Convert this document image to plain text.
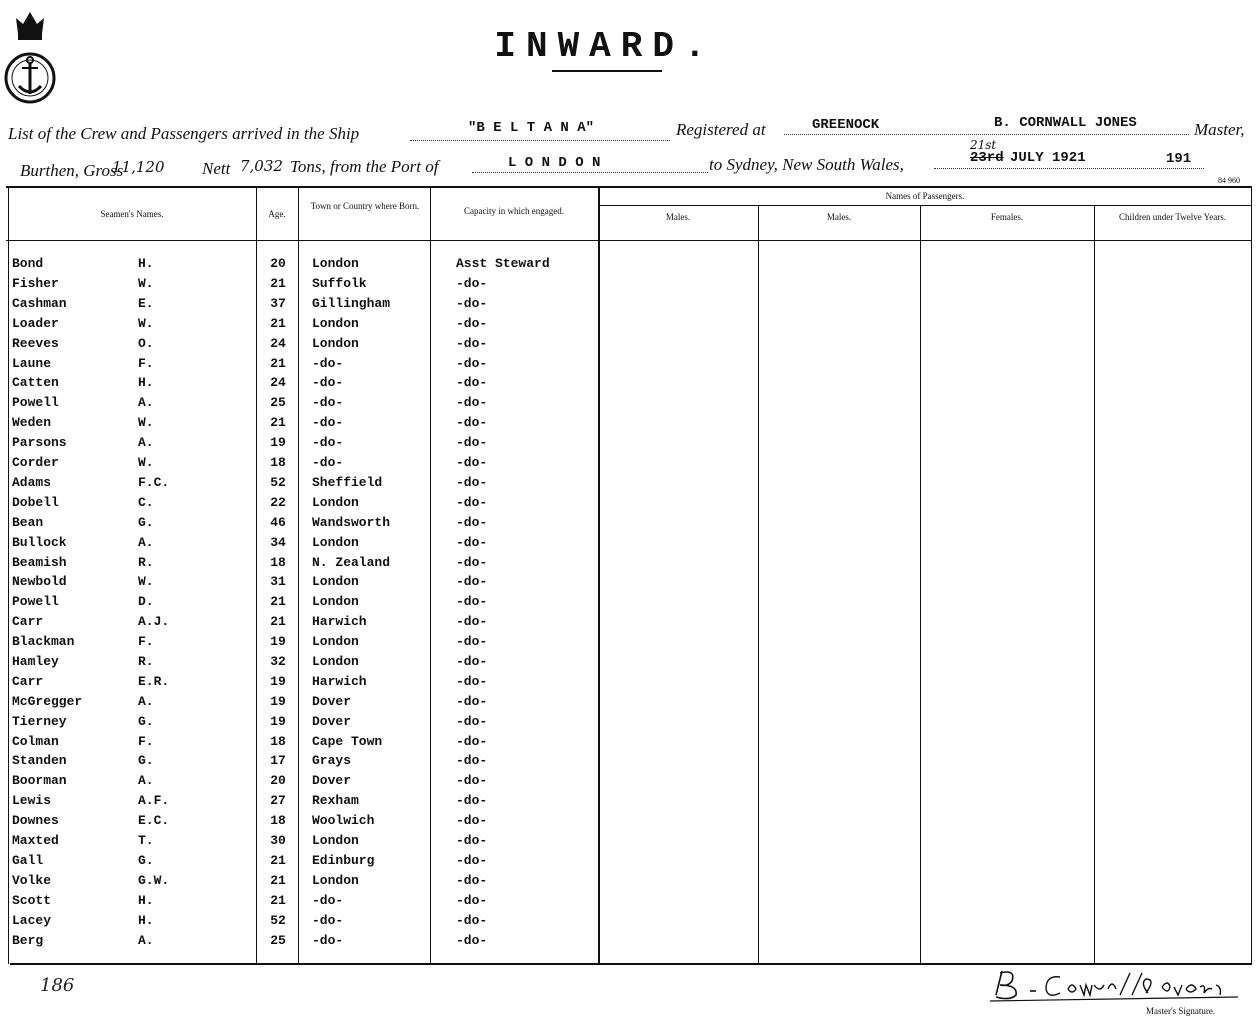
INWARD.
List of the Crew and Passengers arrived in the Ship	"B E L T A N A"	Registered at	GREENOCK	B. CORNWALL JONES	Master,
Burthen, Gross
11,120 Nett 7,032 Tons, from the Port of	L O N D O N	to Sydney, New South Wales,
21st
23rd JULY 1921	191
84 960
Seamen's Names.	Age.
Town or Country where Born.	Capacity in which engaged.
Names of Passengers.
Males.	Males.	Females.	Children under Twelve Years.
Bond	H.	20	London	Asst Steward
Fisher	W.	21	Suffolk	-do-
Cashman	E.	37	Gillingham	-do-
Loader	W.	21	London	-do-
Reeves	O.	24	London	-do-
Laune	F.	21	-do-	-do-
Catten	H.	24	-do-	-do-
Powell	A.	25	-do-	-do-
Weden	W.	21	-do-	-do-
Parsons	A.	19	-do-	-do-
Corder	W.	18	-do-	-do-
Adams	F.C.	52	Sheffield	-do-
Dobell	C.	22	London	-do-
Bean	G.	46	Wandsworth	-do-
Bullock	A.	34	London	-do-
Beamish	R.	18	N. Zealand	-do-
Newbold	W.	31	London	-do-
Powell	D.	21	London	-do-
Carr	A.J.	21	Harwich	-do-
Blackman	F.	19	London	-do-
Hamley	R.	32	London	-do-
Carr	E.R.	19	Harwich	-do-
McGregger	A.	19	Dover	-do-
Tierney	G.	19	Dover	-do-
Colman	F.	18	Cape Town	-do-
Standen	G.	17	Grays	-do-
Boorman	A.	20	Dover	-do-
Lewis	A.F.	27	Rexham	-do-
Downes	E.C.	18	Woolwich	-do-
Maxted	T.	30	London	-do-
Gall	G.	21	Edinburg	-do-
Volke	G.W.	21	London	-do-
Scott	H.	21	-do-	-do-
Lacey	H.	52	-do-	-do-
Berg	A.	25	-do-	-do-
186
Master's Signature.
